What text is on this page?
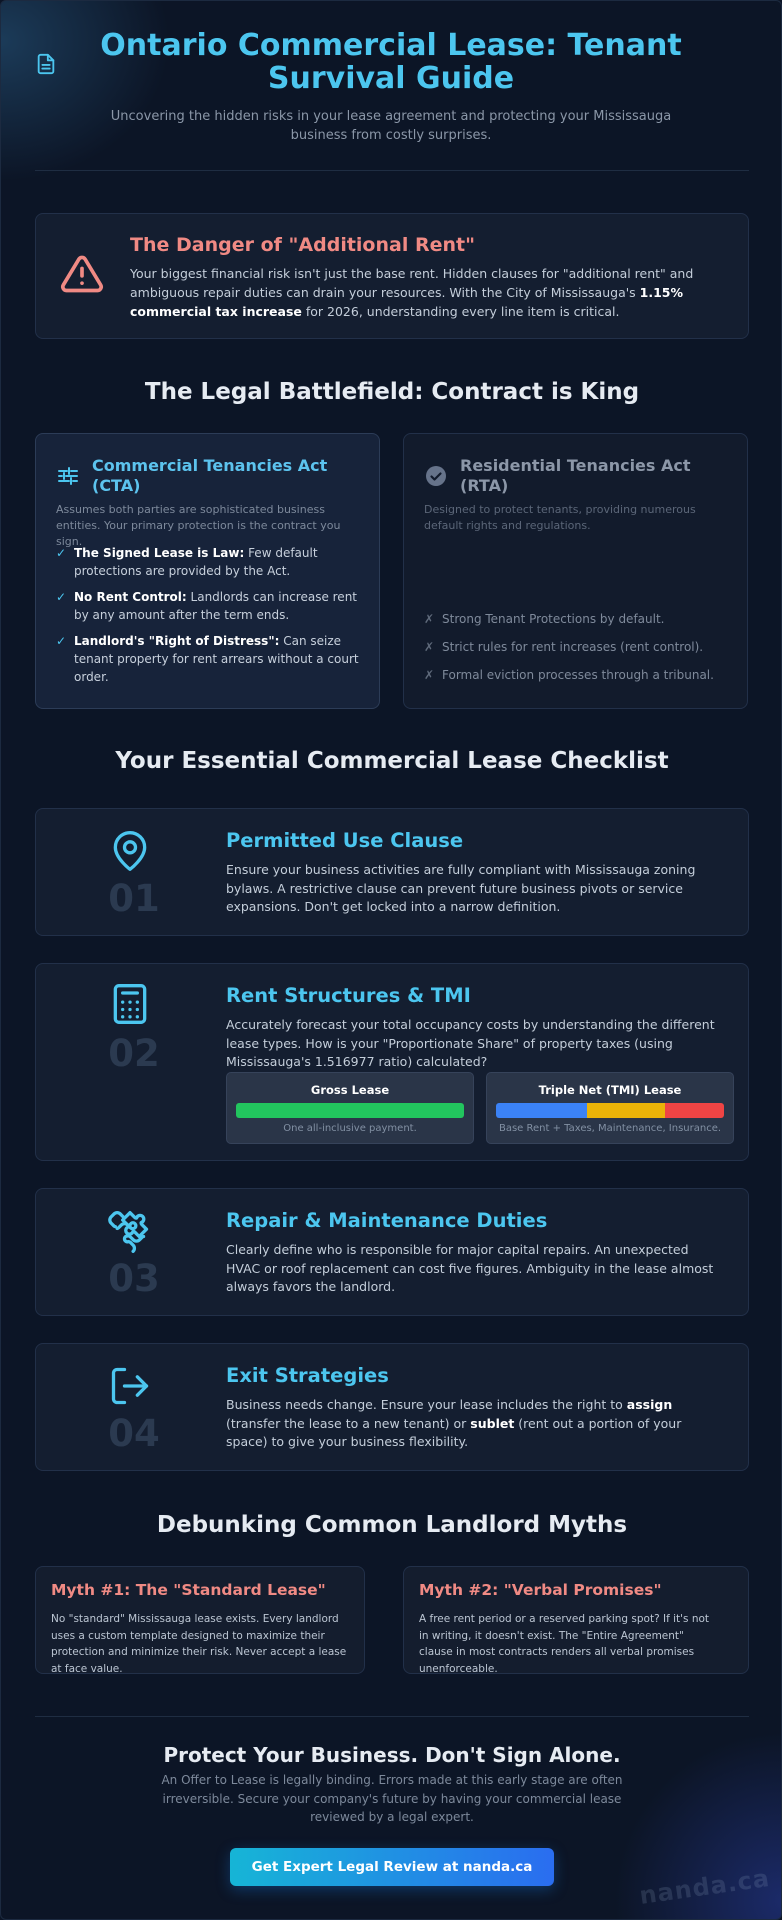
Ontario Commercial Lease: Tenant Survival Guide
Uncovering the hidden risks in your lease agreement and protecting your Mississauga business from costly surprises.
The Danger of "Additional Rent"

Your biggest financial risk isn't just the base rent. Hidden clauses for "additional rent" and ambiguous repair duties can drain your resources. With the City of Mississauga's 1.15% commercial tax increase for 2026, understanding every line item is critical.

The Legal Battlefield: Contract is King
Commercial Tenancies Act (CTA)
Assumes both parties are sophisticated business entities. Your primary protection is the contract you sign.
✓ The Signed Lease is Law: Few default protections are provided by the Act.
✓ No Rent Control: Landlords can increase rent by any amount after the term ends.
✓ Landlord's "Right of Distress": Can seize tenant property for rent arrears without a court order.
Residential Tenancies Act (RTA)
Designed to protect tenants, providing numerous default rights and regulations.
✗ Strong Tenant Protections by default.
✗ Strict rules for rent increases (rent control).
✗ Formal eviction processes through a tribunal.
Your Essential Commercial Lease Checklist
01
Permitted Use Clause

Ensure your business activities are fully compliant with Mississauga zoning bylaws. A restrictive clause can prevent future business pivots or service expansions. Don't get locked into a narrow definition.

02
Rent Structures & TMI

Accurately forecast your total occupancy costs by understanding the different lease types. How is your "Proportionate Share" of property taxes (using Mississauga's 1.516977 ratio) calculated?

Gross Lease
One all-inclusive payment.
Triple Net (TMI) Lease
Base Rent + Taxes, Maintenance, Insurance.
03
Repair & Maintenance Duties

Clearly define who is responsible for major capital repairs. An unexpected HVAC or roof replacement can cost five figures. Ambiguity in the lease almost always favors the landlord.

04
Exit Strategies

Business needs change. Ensure your lease includes the right to assign (transfer the lease to a new tenant) or sublet (rent out a portion of your space) to give your business flexibility.

Debunking Common Landlord Myths
Myth #1: The "Standard Lease"

No "standard" Mississauga lease exists. Every landlord uses a custom template designed to maximize their protection and minimize their risk. Never accept a lease at face value.

Myth #2: "Verbal Promises"

A free rent period or a reserved parking spot? If it's not in writing, it doesn't exist. The "Entire Agreement" clause in most contracts renders all verbal promises unenforceable.

Protect Your Business. Don't Sign Alone.
An Offer to Lease is legally binding. Errors made at this early stage are often irreversible. Secure your company's future by having your commercial lease reviewed by a legal expert.
Get Expert Legal Review at nanda.ca	nanda.ca
